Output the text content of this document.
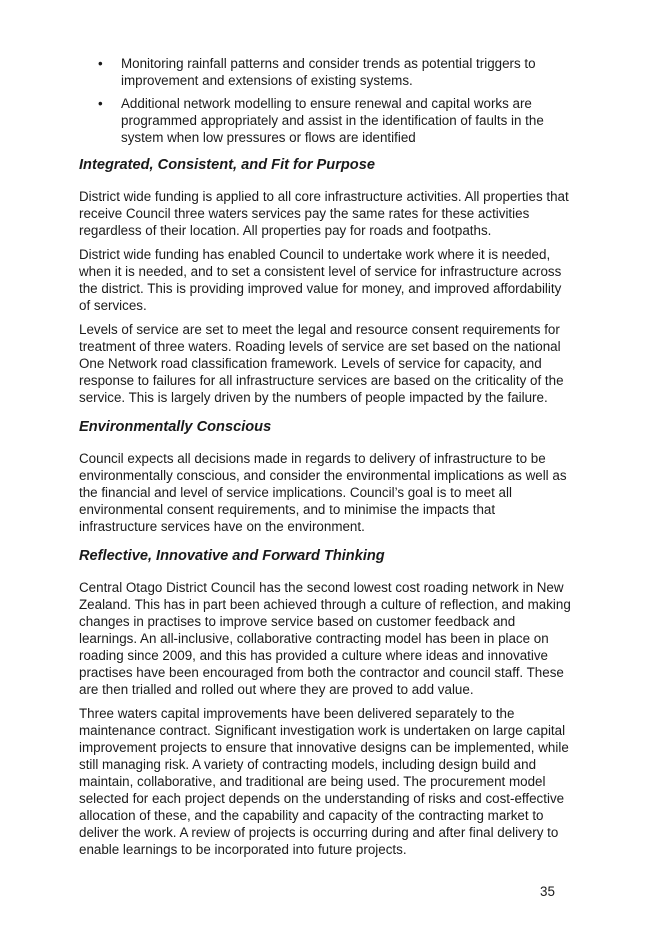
• Monitoring rainfall patterns and consider trends as potential triggers to improvement and extensions of existing systems.
• Additional network modelling to ensure renewal and capital works are programmed appropriately and assist in the identification of faults in the system when low pressures or flows are identified
Integrated, Consistent, and Fit for Purpose

District wide funding is applied to all core infrastructure activities. All properties that receive Council three waters services pay the same rates for these activities regardless of their location. All properties pay for roads and footpaths.

District wide funding has enabled Council to undertake work where it is needed, when it is needed, and to set a consistent level of service for infrastructure across the district. This is providing improved value for money, and improved affordability of services.

Levels of service are set to meet the legal and resource consent requirements for treatment of three waters. Roading levels of service are set based on the national One Network road classification framework. Levels of service for capacity, and response to failures for all infrastructure services are based on the criticality of the service. This is largely driven by the numbers of people impacted by the failure.

Environmentally Conscious

Council expects all decisions made in regards to delivery of infrastructure to be environmentally conscious, and consider the environmental implications as well as the financial and level of service implications. Council’s goal is to meet all environmental consent requirements, and to minimise the impacts that infrastructure services have on the environment.

Reflective, Innovative and Forward Thinking

Central Otago District Council has the second lowest cost roading network in New Zealand. This has in part been achieved through a culture of reflection, and making changes in practises to improve service based on customer feedback and learnings. An all-inclusive, collaborative contracting model has been in place on roading since 2009, and this has provided a culture where ideas and innovative practises have been encouraged from both the contractor and council staff. These are then trialled and rolled out where they are proved to add value.

Three waters capital improvements have been delivered separately to the maintenance contract. Significant investigation work is undertaken on large capital improvement projects to ensure that innovative designs can be implemented, while still managing risk. A variety of contracting models, including design build and maintain, collaborative, and traditional are being used. The procurement model selected for each project depends on the understanding of risks and cost-effective allocation of these, and the capability and capacity of the contracting market to deliver the work. A review of projects is occurring during and after final delivery to enable learnings to be incorporated into future projects.

35
